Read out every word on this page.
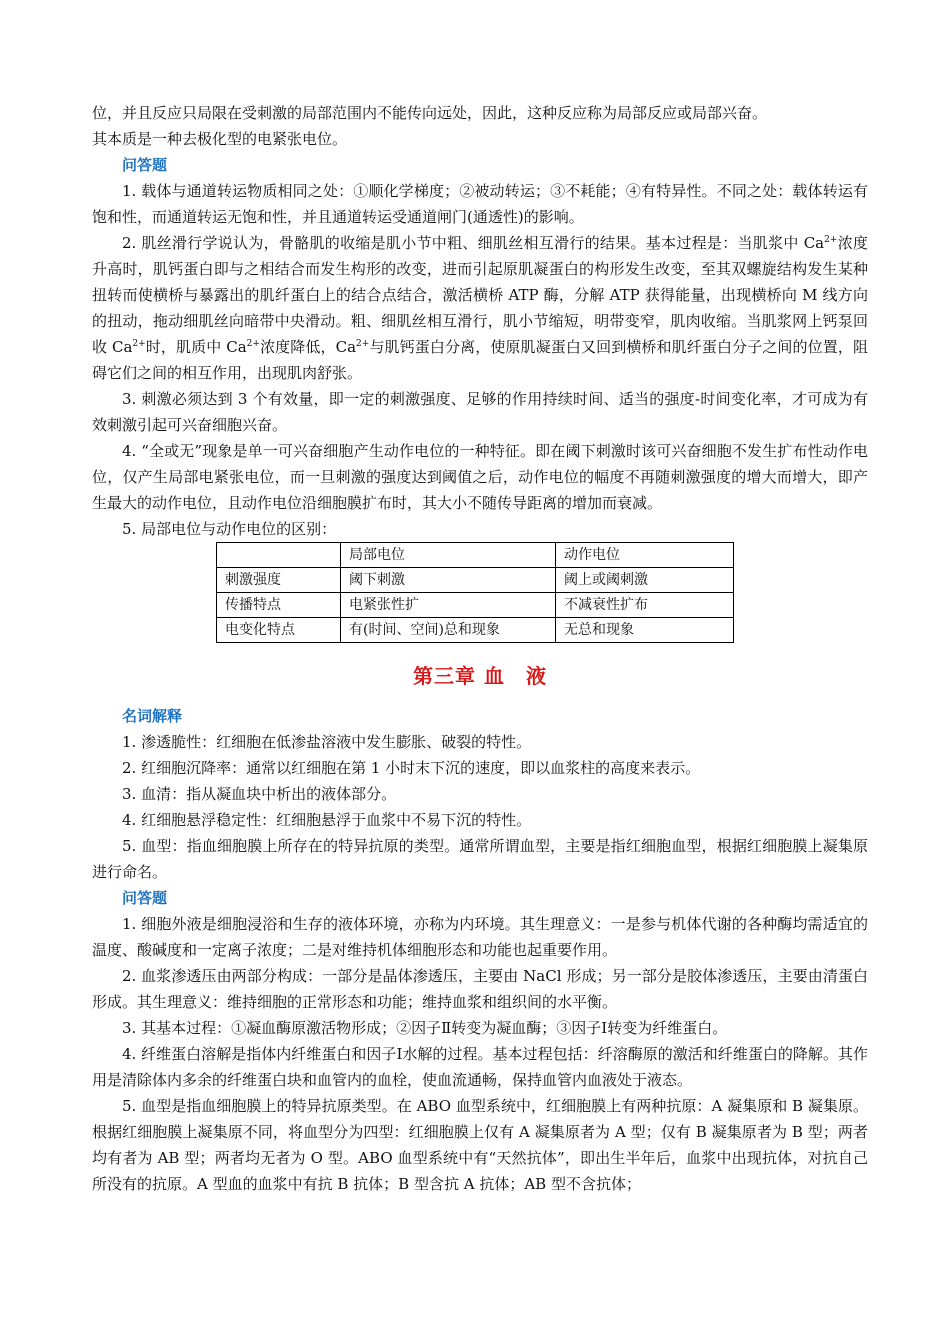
位，并且反应只局限在受刺激的局部范围内不能传向远处，因此，这种反应称为局部反应或局部兴奋。
其本质是一种去极化型的电紧张电位。

问答题

1. 载体与通道转运物质相同之处：①顺化学梯度；②被动转运；③不耗能；④有特异性。不同之处：载体转运有饱和性，而通道转运无饱和性，并且通道转运受通道闸门(通透性)的影响。

2. 肌丝滑行学说认为，骨骼肌的收缩是肌小节中粗、细肌丝相互滑行的结果。基本过程是：当肌浆中 $Ca^{2+}$浓度升高时，肌钙蛋白即与之相结合而发生构形的改变，进而引起原肌凝蛋白的构形发生改变，至其双螺旋结构发生某种扭转而使横桥与暴露出的肌纤蛋白上的结合点结合，激活横桥 ATP 酶，分解 ATP 获得能量，出现横桥向 M 线方向的扭动，拖动细肌丝向暗带中央滑动。粗、细肌丝相互滑行，肌小节缩短，明带变窄，肌肉收缩。当肌浆网上钙泵回收 $Ca^{2+}$时，肌质中 $Ca^{2+}$浓度降低，$Ca^{2+}$与肌钙蛋白分离，使原肌凝蛋白又回到横桥和肌纤蛋白分子之间的位置，阻碍它们之间的相互作用，出现肌肉舒张。

3. 刺激必须达到 3 个有效量，即一定的刺激强度、足够的作用持续时间、适当的强度-时间变化率，才可成为有效刺激引起可兴奋细胞兴奋。

4. “全或无”现象是单一可兴奋细胞产生动作电位的一种特征。即在阈下刺激时该可兴奋细胞不发生扩布性动作电位，仅产生局部电紧张电位，而一旦刺激的强度达到阈值之后，动作电位的幅度不再随刺激强度的增大而增大，即产生最大的动作电位，且动作电位沿细胞膜扩布时，其大小不随传导距离的增加而衰减。

5. 局部电位与动作电位的区别：

	局部电位	动作电位
刺激强度	阈下刺激	阈上或阈刺激
传播特点	电紧张性扩	不减衰性扩布
电变化特点	有(时间、空间)总和现象	无总和现象
第三章 血　液

名词解释

1. 渗透脆性：红细胞在低渗盐溶液中发生膨胀、破裂的特性。

2. 红细胞沉降率：通常以红细胞在第 1 小时末下沉的速度，即以血浆柱的高度来表示。

3. 血清：指从凝血块中析出的液体部分。

4. 红细胞悬浮稳定性：红细胞悬浮于血浆中不易下沉的特性。

5. 血型：指血细胞膜上所存在的特异抗原的类型。通常所谓血型，主要是指红细胞血型，根据红细胞膜上凝集原进行命名。

问答题

1. 细胞外液是细胞浸浴和生存的液体环境，亦称为内环境。其生理意义：一是参与机体代谢的各种酶均需适宜的温度、酸碱度和一定离子浓度；二是对维持机体细胞形态和功能也起重要作用。

2. 血浆渗透压由两部分构成：一部分是晶体渗透压，主要由 NaCl 形成；另一部分是胶体渗透压，主要由清蛋白形成。其生理意义：维持细胞的正常形态和功能；维持血浆和组织间的水平衡。

3. 其基本过程：①凝血酶原激活物形成；②因子Ⅱ转变为凝血酶；③因子Ⅰ转变为纤维蛋白。

4. 纤维蛋白溶解是指体内纤维蛋白和因子Ⅰ水解的过程。基本过程包括：纤溶酶原的激活和纤维蛋白的降解。其作用是清除体内多余的纤维蛋白块和血管内的血栓，使血流通畅，保持血管内血液处于液态。

5. 血型是指血细胞膜上的特异抗原类型。在 ABO 血型系统中，红细胞膜上有两种抗原：A 凝集原和 B 凝集原。根据红细胞膜上凝集原不同，将血型分为四型：红细胞膜上仅有 A 凝集原者为 A 型；仅有 B 凝集原者为 B 型；两者均有者为 AB 型；两者均无者为 O 型。ABO 血型系统中有“天然抗体”，即出生半年后，血浆中出现抗体，对抗自己所没有的抗原。A 型血的血浆中有抗 B 抗体；B 型含抗 A 抗体；AB 型不含抗体；
